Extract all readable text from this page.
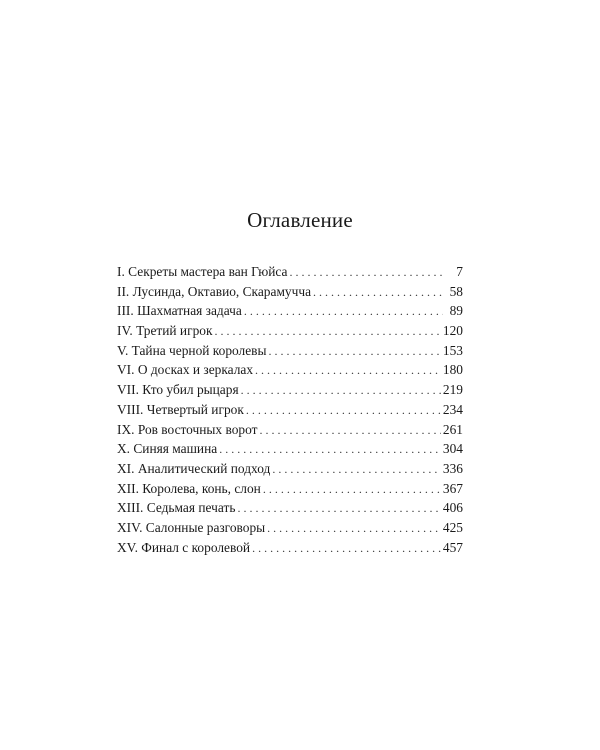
Оглавление
I. Секреты мастера ван Гюйса . . .	7
II. Лусинда, Октавио, Скарамучча . . .	58
III. Шахматная задача . . .	89
IV. Третий игрок . . .	120
V. Тайна черной королевы . . .	153
VI. О досках и зеркалах . . .	180
VII. Кто убил рыцаря . . .	219
VIII. Четвертый игрок . . .	234
IX. Ров восточных ворот . . .	261
X. Синяя машина . . .	304
XI. Аналитический подход . . .	336
XII. Королева, конь, слон . . .	367
XIII. Седьмая печать . . .	406
XIV. Салонные разговоры . . .	425
XV. Финал с королевой . . .	457
